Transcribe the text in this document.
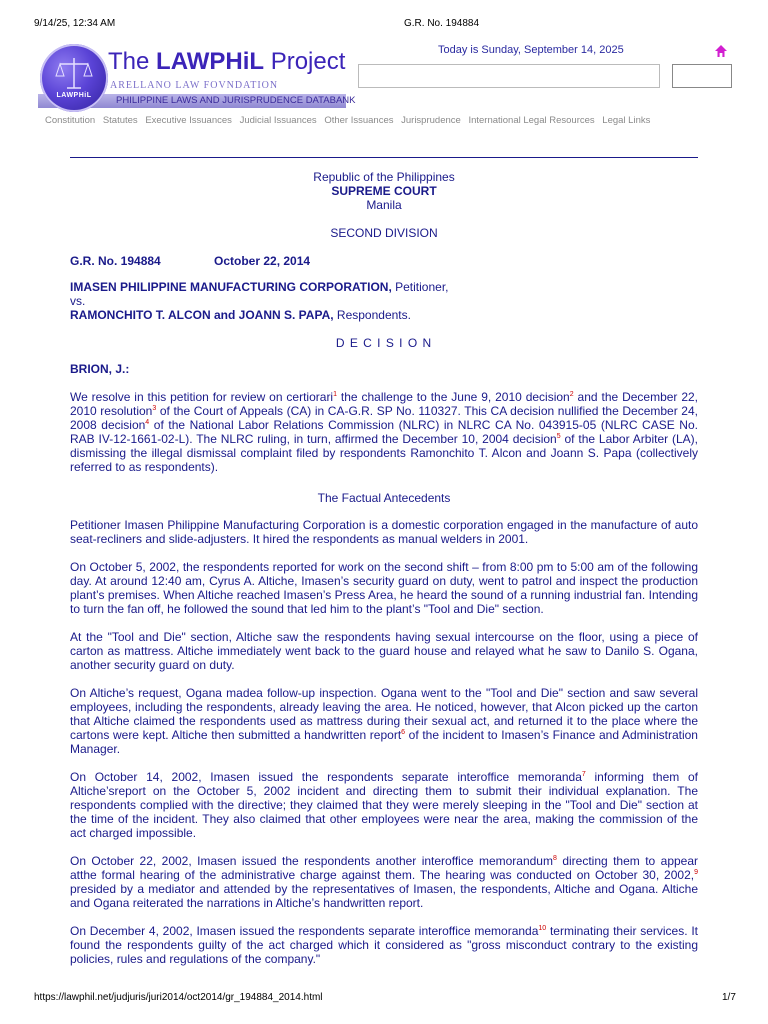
9/14/25, 12:34 AM	G.R. No. 194884
PHILIPPINE LAWS AND JURISPRUDENCE DATABANK
LAWPHiL
The LAWPHiL Project
ARELLANO LAW FOVNDATION
Today is Sunday, September 14, 2025
Constitution Statutes Executive Issuances Judicial Issuances Other Issuances Jurisprudence International Legal Resources Legal Links
Republic of the Philippines
SUPREME COURT
Manila
SECOND DIVISION
G.R. No. 194884	October 22, 2014
IMASEN PHILIPPINE MANUFACTURING CORPORATION, Petitioner,
vs.
RAMONCHITO T. ALCON and JOANN S. PAPA, Respondents.
D E C I S I O N
BRION, J.:

We resolve in this petition for review on certiorari$^1$ the challenge to the June 9, 2010 decision$^2$ and the December 22, 2010 resolution$^3$ of the Court of Appeals (CA) in CA-G.R. SP No. 110327. This CA decision nullified the December 24, 2008 decision$^4$ of the National Labor Relations Commission (NLRC) in NLRC CA No. 043915-05 (NLRC CASE No. RAB IV-12-1661-02-L). The NLRC ruling, in turn, affirmed the December 10, 2004 decision$^5$ of the Labor Arbiter (LA), dismissing the illegal dismissal complaint filed by respondents Ramonchito T. Alcon and Joann S. Papa (collectively referred to as respondents).

The Factual Antecedents

Petitioner Imasen Philippine Manufacturing Corporation is a domestic corporation engaged in the manufacture of auto seat-recliners and slide-adjusters. It hired the respondents as manual welders in 2001.

On October 5, 2002, the respondents reported for work on the second shift – from 8:00 pm to 5:00 am of the following day. At around 12:40 am, Cyrus A. Altiche, Imasen’s security guard on duty, went to patrol and inspect the production plant’s premises. When Altiche reached Imasen’s Press Area, he heard the sound of a running industrial fan. Intending to turn the fan off, he followed the sound that led him to the plant’s "Tool and Die" section.

At the "Tool and Die" section, Altiche saw the respondents having sexual intercourse on the floor, using a piece of carton as mattress. Altiche immediately went back to the guard house and relayed what he saw to Danilo S. Ogana, another security guard on duty.

On Altiche’s request, Ogana madea follow-up inspection. Ogana went to the "Tool and Die" section and saw several employees, including the respondents, already leaving the area. He noticed, however, that Alcon picked up the carton that Altiche claimed the respondents used as mattress during their sexual act, and returned it to the place where the cartons were kept. Altiche then submitted a handwritten report$^6$ of the incident to Imasen’s Finance and Administration Manager.

On October 14, 2002, Imasen issued the respondents separate interoffice memoranda$^7$ informing them of Altiche’sreport on the October 5, 2002 incident and directing them to submit their individual explanation. The respondents complied with the directive; they claimed that they were merely sleeping in the "Tool and Die" section at the time of the incident. They also claimed that other employees were near the area, making the commission of the act charged impossible.

On October 22, 2002, Imasen issued the respondents another interoffice memorandum$^8$ directing them to appear atthe formal hearing of the administrative charge against them. The hearing was conducted on October 30, 2002,$^9$ presided by a mediator and attended by the representatives of Imasen, the respondents, Altiche and Ogana. Altiche and Ogana reiterated the narrations in Altiche’s handwritten report.

On December 4, 2002, Imasen issued the respondents separate interoffice memoranda$^{10}$ terminating their services. It found the respondents guilty of the act charged which it considered as "gross misconduct contrary to the existing policies, rules and regulations of the company."

https://lawphil.net/judjuris/juri2014/oct2014/gr_194884_2014.html	1/7
